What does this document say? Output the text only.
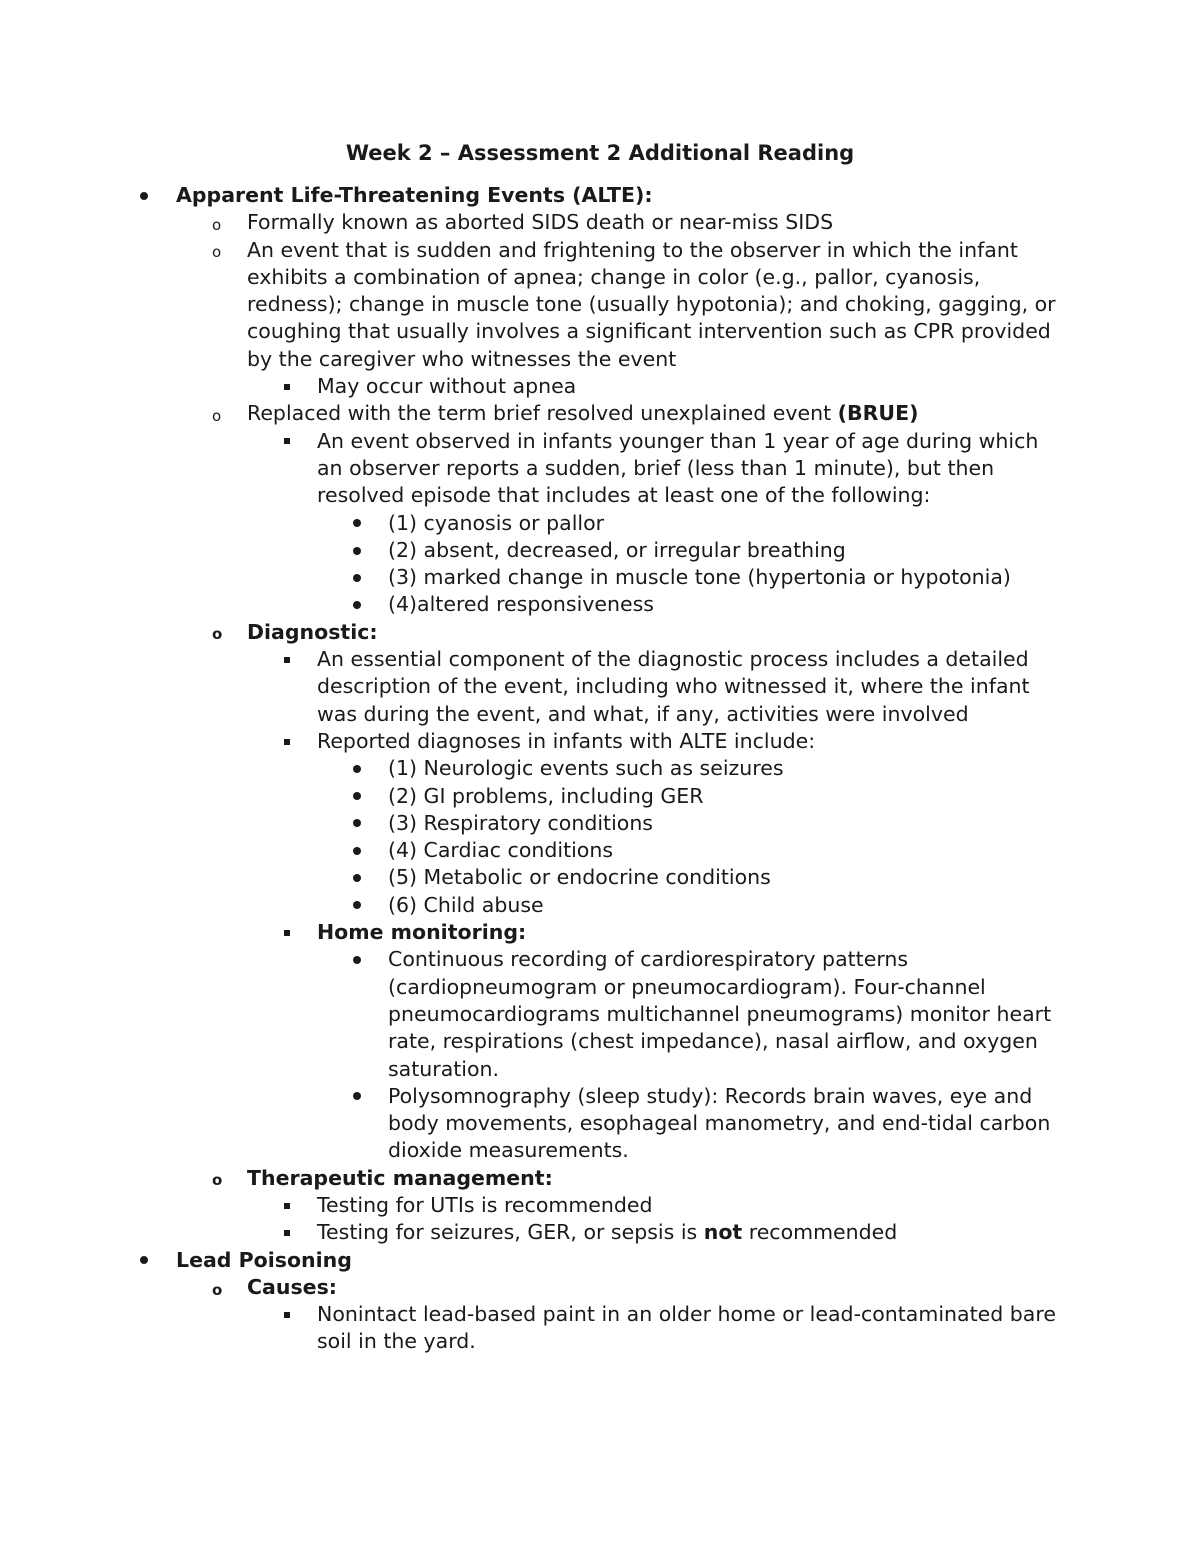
Week 2 – Assessment 2 Additional Reading
Apparent Life-Threatening Events (ALTE):
o Formally known as aborted SIDS death or near-miss SIDS
o An event that is sudden and frightening to the observer in which the infant exhibits a combination of apnea; change in color (e.g., pallor, cyanosis, redness); change in muscle tone (usually hypotonia); and choking, gagging, or coughing that usually involves a significant intervention such as CPR provided by the caregiver who witnesses the event
May occur without apnea
o Replaced with the term brief resolved unexplained event (BRUE)
An event observed in infants younger than 1 year of age during which an observer reports a sudden, brief (less than 1 minute), but then resolved episode that includes at least one of the following:
(1) cyanosis or pallor
(2) absent, decreased, or irregular breathing
(3) marked change in muscle tone (hypertonia or hypotonia)
(4)altered responsiveness
o Diagnostic:
An essential component of the diagnostic process includes a detailed description of the event, including who witnessed it, where the infant was during the event, and what, if any, activities were involved
Reported diagnoses in infants with ALTE include:
(1) Neurologic events such as seizures
(2) GI problems, including GER
(3) Respiratory conditions
(4) Cardiac conditions
(5) Metabolic or endocrine conditions
(6) Child abuse
Home monitoring:
Continuous recording of cardiorespiratory patterns (cardiopneumogram or pneumocardiogram). Four-channel pneumocardiograms multichannel pneumograms) monitor heart rate, respirations (chest impedance), nasal airflow, and oxygen saturation.
Polysomnography (sleep study): Records brain waves, eye and body movements, esophageal manometry, and end-tidal carbon dioxide measurements.
o Therapeutic management:
Testing for UTIs is recommended
Testing for seizures, GER, or sepsis is not recommended
Lead Poisoning
o Causes:
Nonintact lead-based paint in an older home or lead-contaminated bare soil in the yard.
